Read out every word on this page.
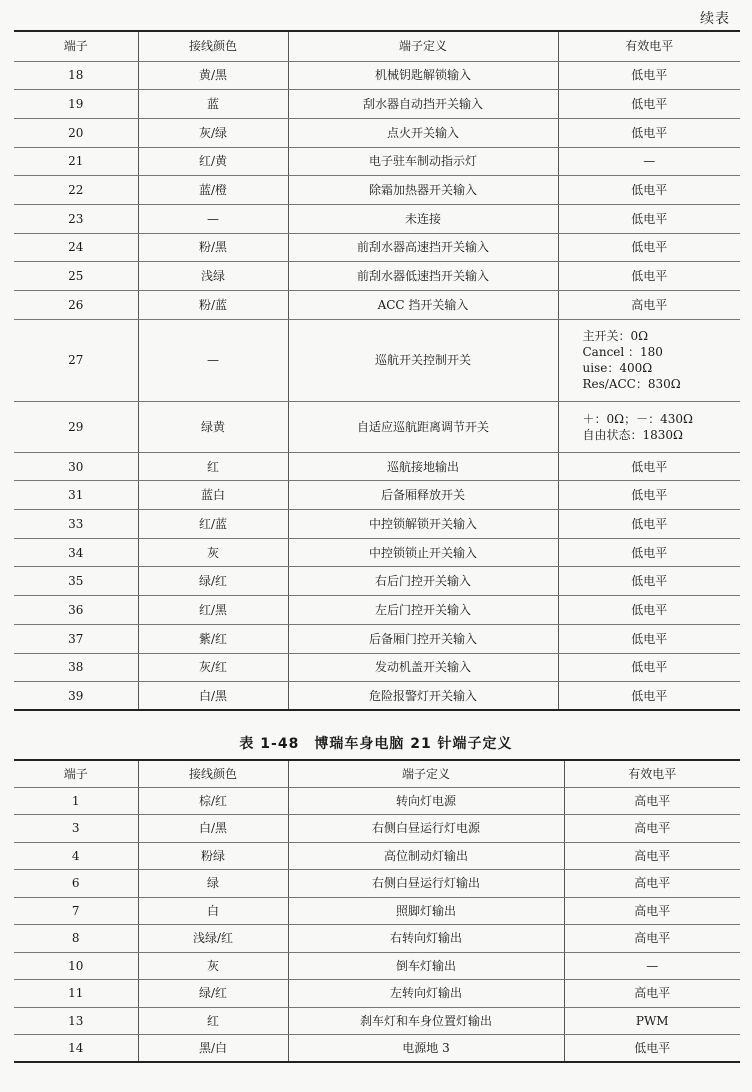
续表
端子	接线颜色	端子定义	有效电平
18	黄/黑	机械钥匙解锁输入	低电平
19	蓝	刮水器自动挡开关输入	低电平
20	灰/绿	点火开关输入	低电平
21	红/黄	电子驻车制动指示灯	—
22	蓝/橙	除霜加热器开关输入	低电平
23	—	未连接	低电平
24	粉/黑	前刮水器高速挡开关输入	低电平
25	浅绿	前刮水器低速挡开关输入	低电平
26	粉/蓝	ACC 挡开关输入	高电平
27	—	巡航开关控制开关	主开关：0Ω
Cancel ：180
uise：400Ω
Res/ACC：830Ω

29	绿黄	自适应巡航距离调节开关	＋：0Ω；－：430Ω
自由状态：1830Ω

30	红	巡航接地输出	低电平
31	蓝白	后备厢释放开关	低电平
33	红/蓝	中控锁解锁开关输入	低电平
34	灰	中控锁锁止开关输入	低电平
35	绿/红	右后门控开关输入	低电平
36	红/黑	左后门控开关输入	低电平
37	紫/红	后备厢门控开关输入	低电平
38	灰/红	发动机盖开关输入	低电平
39	白/黑	危险报警灯开关输入	低电平
表 1-48　博瑞车身电脑 21 针端子定义
端子	接线颜色	端子定义	有效电平
1	棕/红	转向灯电源	高电平
3	白/黑	右侧白昼运行灯电源	高电平
4	粉绿	高位制动灯输出	高电平
6	绿	右侧白昼运行灯输出	高电平
7	白	照脚灯输出	高电平
8	浅绿/红	右转向灯输出	高电平
10	灰	倒车灯输出	—
11	绿/红	左转向灯输出	高电平
13	红	刹车灯和车身位置灯输出	PWM
14	黑/白	电源地 3	低电平
